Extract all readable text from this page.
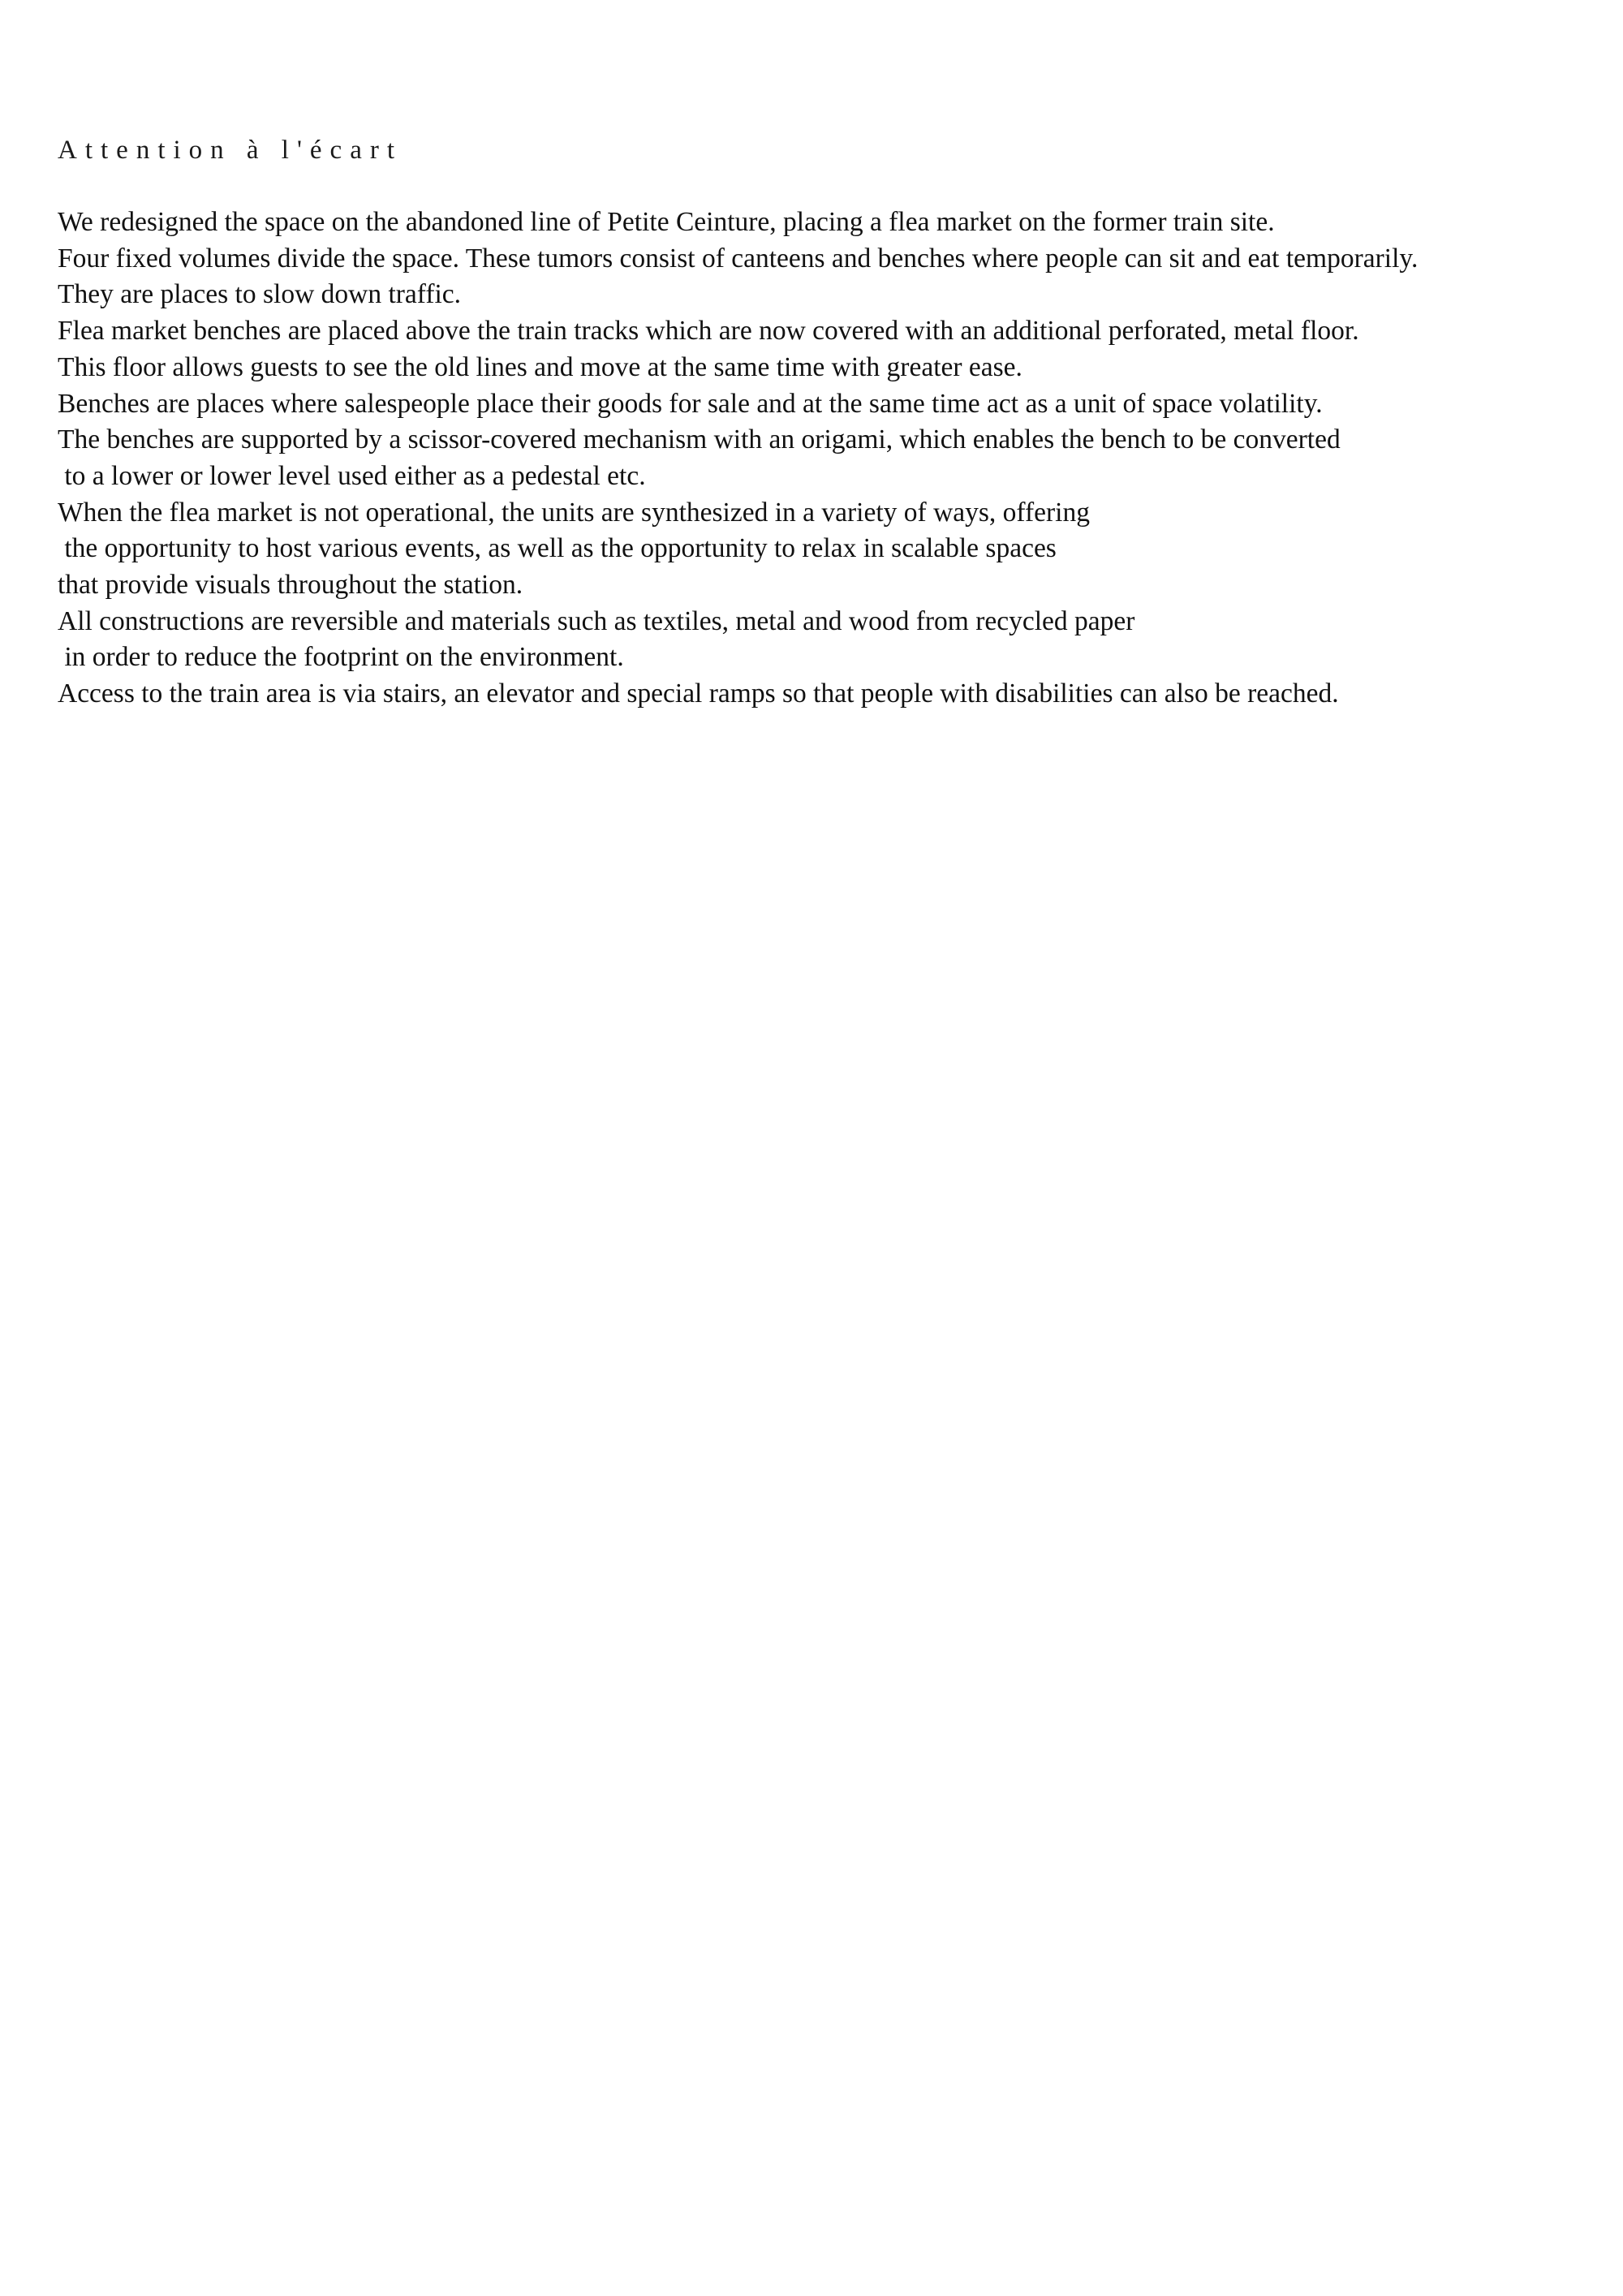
Attention à l'écart
We redesigned the space on the abandoned line of Petite Ceinture, placing a flea market on the former train site.
Four fixed volumes divide the space. These tumors consist of canteens and benches where people can sit and eat temporarily.
They are places to slow down traffic.
Flea market benches are placed above the train tracks which are now covered with an additional perforated, metal floor.
This floor allows guests to see the old lines and move at the same time with greater ease.
Benches are places where salespeople place their goods for sale and at the same time act as a unit of space volatility.
The benches are supported by a scissor-covered mechanism with an origami, which enables the bench to be converted
to a lower or lower level used either as a pedestal etc.
When the flea market is not operational, the units are synthesized in a variety of ways, offering
the opportunity to host various events, as well as the opportunity to relax in scalable spaces
that provide visuals throughout the station.
All constructions are reversible and materials such as textiles, metal and wood from recycled paper
in order to reduce the footprint on the environment.
Access to the train area is via stairs, an elevator and special ramps so that people with disabilities can also be reached.
